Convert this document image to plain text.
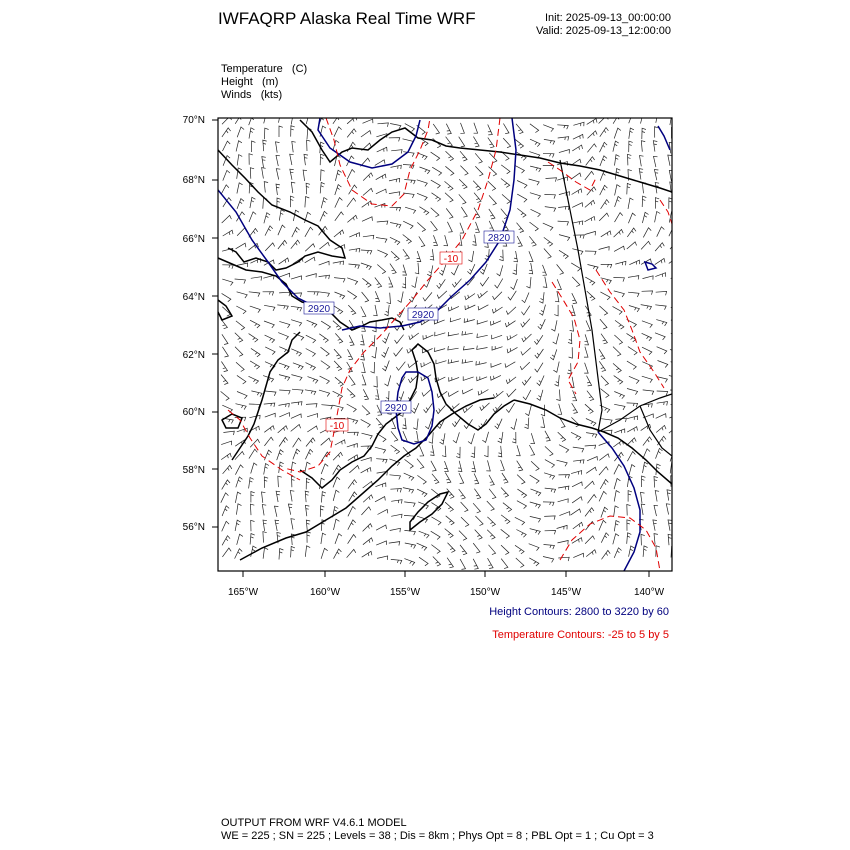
70°N
68°N
66°N
64°N
62°N
60°N
58°N
56°N
165°W	160°W	155°W	150°W	145°W	140°W
2820
2920
2920
2920
-10
-10
IWFAQRP Alaska Real Time WRF	Init: 2025-09-13_00:00:00
Valid: 2025-09-13_12:00:00
Temperature   (C)
Height   (m)
Winds   (kts)
Height Contours: 2800 to 3220 by 60
Temperature Contours: -25 to 5 by 5
OUTPUT FROM WRF V4.6.1 MODEL
WE = 225 ; SN = 225 ; Levels = 38 ; Dis = 8km ; Phys Opt = 8 ; PBL Opt = 1 ; Cu Opt = 3
